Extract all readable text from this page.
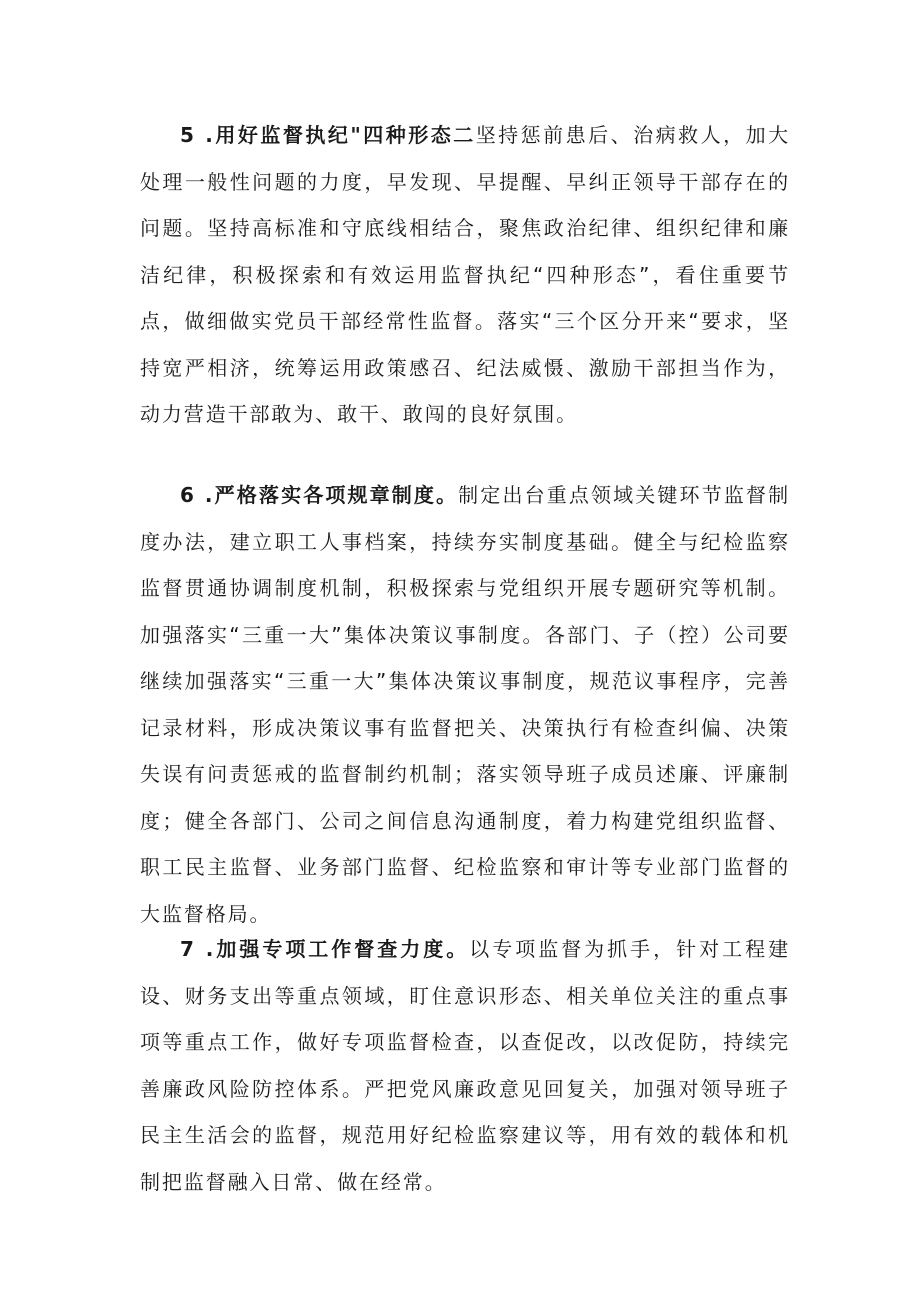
5 .用好监督执纪"四种形态二坚持惩前患后、治病救人，加大处理一般性问题的力度，早发现、早提醒、早纠正领导干部存在的问题。坚持高标准和守底线相结合，聚焦政治纪律、组织纪律和廉洁纪律，积极探索和有效运用监督执纪“四种形态”，看住重要节点，做细做实党员干部经常性监督。落实“三个区分开来“要求，坚持宽严相济，统筹运用政策感召、纪法威慑、激励干部担当作为，动力营造干部敢为、敢干、敢闯的良好氛围。

6 .严格落实各项规章制度。制定出台重点领域关键环节监督制度办法，建立职工人事档案，持续夯实制度基础。健全与纪检监察监督贯通协调制度机制，积极探索与党组织开展专题研究等机制。加强落实“三重一大”集体决策议事制度。各部门、子（控）公司要继续加强落实“三重一大”集体决策议事制度，规范议事程序，完善记录材料，形成决策议事有监督把关、决策执行有检查纠偏、决策失误有问责惩戒的监督制约机制；落实领导班子成员述廉、评廉制度；健全各部门、公司之间信息沟通制度，着力构建党组织监督、职工民主监督、业务部门监督、纪检监察和审计等专业部门监督的大监督格局。

7 .加强专项工作督查力度。以专项监督为抓手，针对工程建设、财务支出等重点领域，盯住意识形态、相关单位关注的重点事项等重点工作，做好专项监督检查，以查促改，以改促防，持续完善廉政风险防控体系。严把党风廉政意见回复关，加强对领导班子民主生活会的监督，规范用好纪检监察建议等，用有效的载体和机制把监督融入日常、做在经常。
